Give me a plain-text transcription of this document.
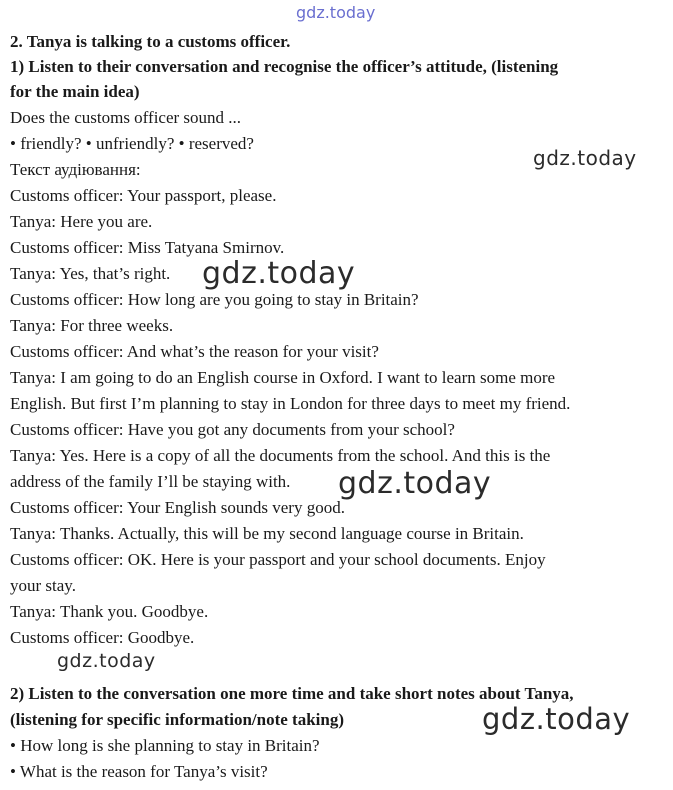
gdz.today
2. Tanya is talking to a customs officer.
1) Listen to their conversation and recognise the officer’s attitude, (listening
for the main idea)
Does the customs officer sound ...
• friendly? • unfriendly? • reserved?
Текст аудіювання:
Customs officer: Your passport, please.
Tanya: Here you are.
Customs officer: Miss Tatyana Smirnov.
Tanya: Yes, that’s right.
Customs officer: How long are you going to stay in Britain?
Tanya: For three weeks.
Customs officer: And what’s the reason for your visit?
Tanya: I am going to do an English course in Oxford. I want to learn some more
English. But first I’m planning to stay in London for three days to meet my friend.
Customs officer: Have you got any documents from your school?
Tanya: Yes. Here is a copy of all the documents from the school. And this is the
address of the family I’ll be staying with.
Customs officer: Your English sounds very good.
Tanya: Thanks. Actually, this will be my second language course in Britain.
Customs officer: OK. Here is your passport and your school documents. Enjoy
your stay.
Tanya: Thank you. Goodbye.
Customs officer: Goodbye.
2) Listen to the conversation one more time and take short notes about Tanya,
(listening for specific information/note taking)
• How long is she planning to stay in Britain?
• What is the reason for Tanya’s visit?
gdz.today
gdz.today
gdz.today
gdz.today
gdz.today
